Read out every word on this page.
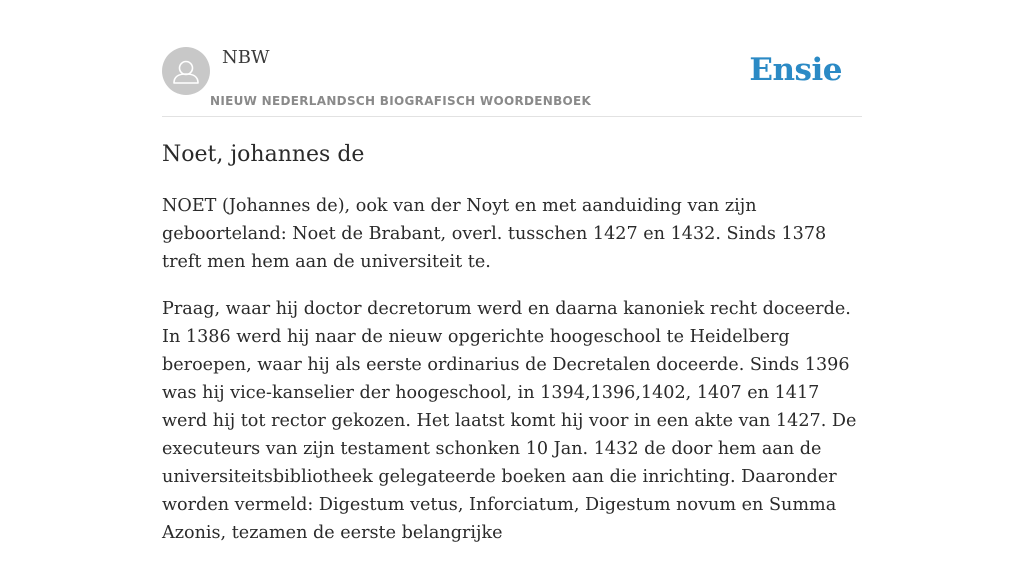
NBW
NIEUW NEDERLANDSCH BIOGRAFISCH WOORDENBOEK
Ensie
Noet, johannes de

NOET (Johannes de), ook van der Noyt en met aanduiding van zijn geboorteland: Noet de Brabant, overl. tusschen 1427 en 1432. Sinds 1378 treft men hem aan de universiteit te.

Praag, waar hij doctor decretorum werd en daarna kanoniek recht doceerde. In 1386 werd hij naar de nieuw opgerichte hoogeschool te Heidelberg beroepen, waar hij als eerste ordinarius de Decretalen doceerde. Sinds 1396 was hij vice-kanselier der hoogeschool, in 1394,1396,1402, 1407 en 1417 werd hij tot rector gekozen. Het laatst komt hij voor in een akte van 1427. De executeurs van zijn testament schonken 10 Jan. 1432 de door hem aan de universiteitsbibliotheek gelegateerde boeken aan die inrichting. Daaronder worden vermeld: Digestum vetus, Inforciatum, Digestum novum en Summa Azonis, tezamen de eerste belangrijke
